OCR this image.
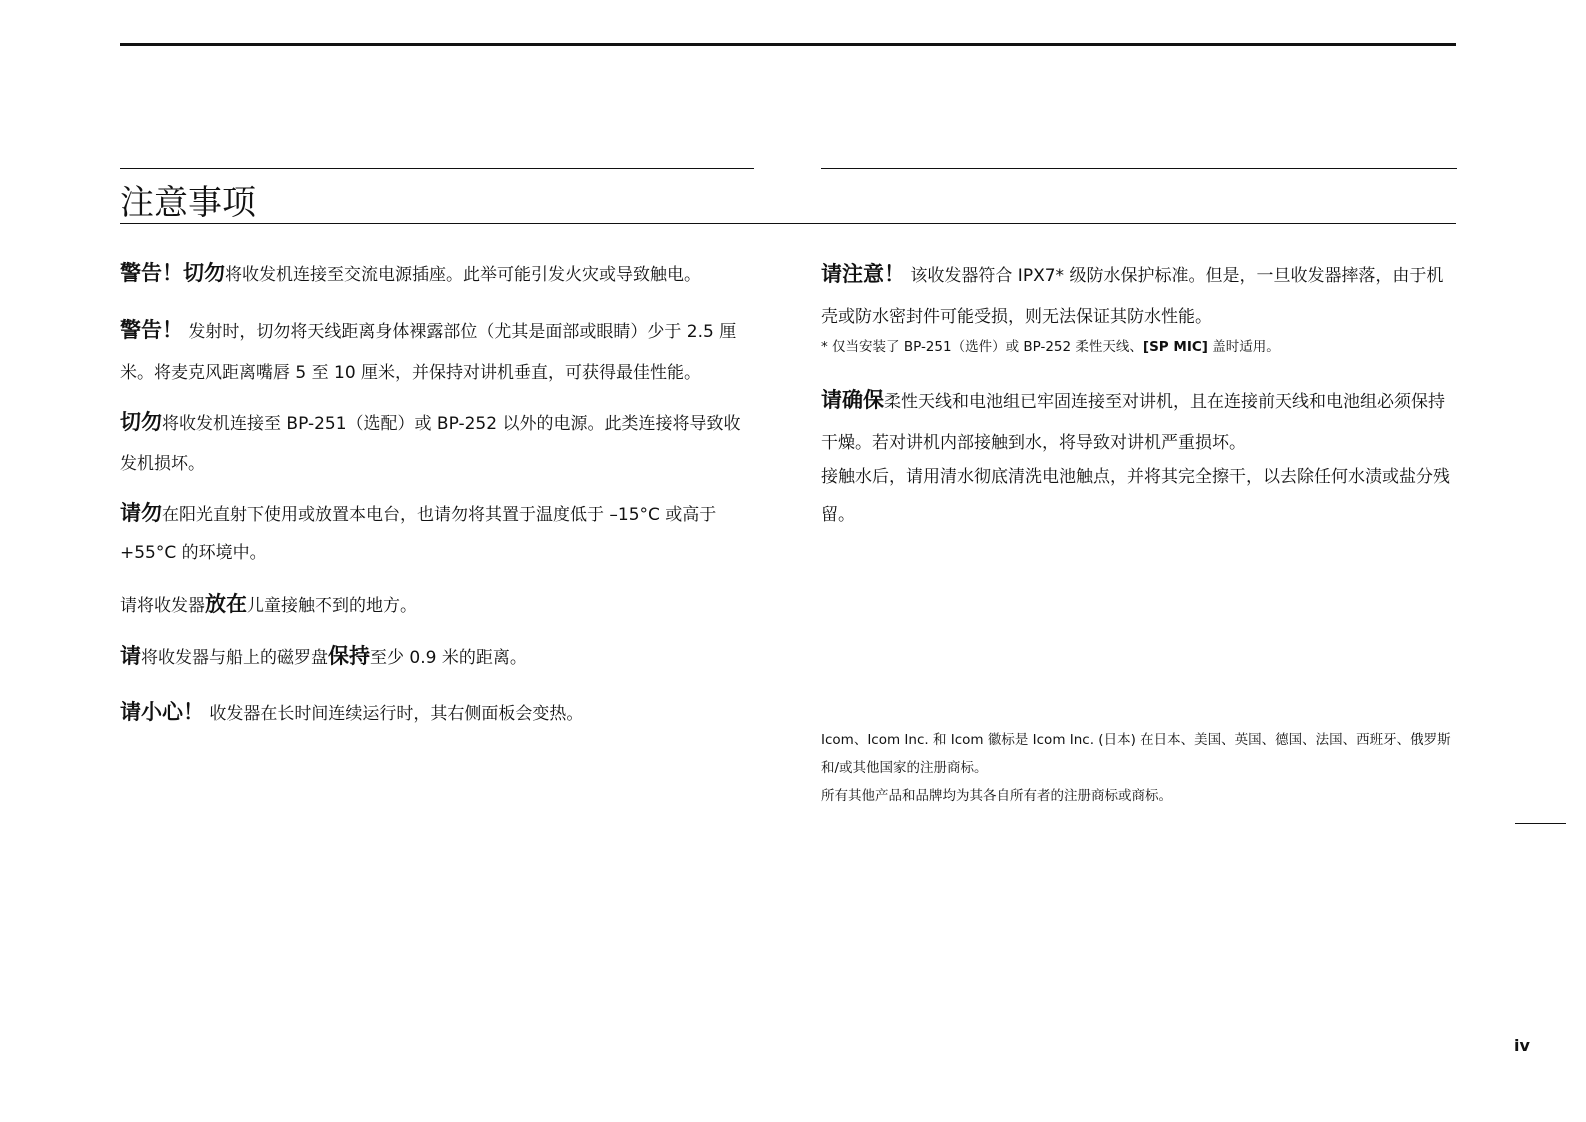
注意事项

警告！切勿将收发机连接至交流电源插座。此举可能引发火灾或导致触电。

警告！ 发射时，切勿将天线距离身体裸露部位（尤其是面部或眼睛）少于 2.5 厘米。将麦克风距离嘴唇 5 至 10 厘米，并保持对讲机垂直，可获得最佳性能。

切勿将收发机连接至 BP-251（选配）或 BP-252 以外的电源。此类连接将导致收发机损坏。

请勿在阳光直射下使用或放置本电台，也请勿将其置于温度低于 –15°C 或高于 +55°C 的环境中。

请将收发器放在儿童接触不到的地方。

请将收发器与船上的磁罗盘保持至少 0.9 米的距离。

请小心！ 收发器在长时间连续运行时，其右侧面板会变热。

请注意！ 该收发器符合 IPX7* 级防水保护标准。但是，一旦收发器摔落，由于机壳或防水密封件可能受损，则无法保证其防水性能。

* 仅当安装了 BP-251（选件）或 BP-252 柔性天线、[SP MIC] 盖时适用。

请确保柔性天线和电池组已牢固连接至对讲机，且在连接前天线和电池组必须保持干燥。若对讲机内部接触到水，将导致对讲机严重损坏。

接触水后，请用清水彻底清洗电池触点，并将其完全擦干，以去除任何水渍或盐分残留。

Icom、Icom Inc. 和 Icom 徽标是 Icom Inc. (日本) 在日本、美国、英国、德国、法国、西班牙、俄罗斯和/或其他国家的注册商标。

所有其他产品和品牌均为其各自所有者的注册商标或商标。

iv
